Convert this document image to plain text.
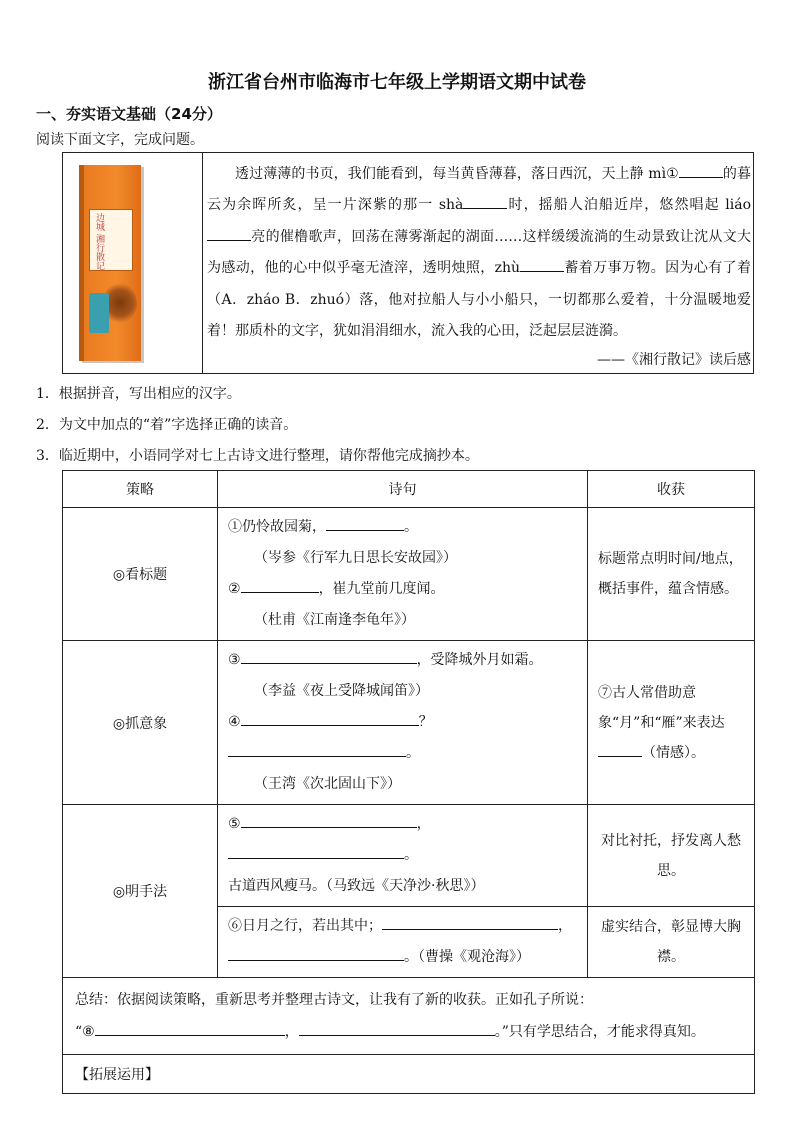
浙江省台州市临海市七年级上学期语文期中试卷
一、夯实语文基础（24分）
阅读下面文字，完成问题。
边城 湘行散记

透过薄薄的书页，我们能看到，每当黄昏薄暮，落日西沉，天上静 mì①	的暮云为余晖所炙，呈一片深紫的那一 shà	时，摇船人泊船近岸，悠然唱起 liáo亮的催橹歌声，回荡在薄雾渐起的湖面……这样缓缓流淌的生动景致让沈从文大为感动，他的心中似乎毫无渣滓，透明烛照，zhù	蓄着万事万物。因为心有了着（A．zháo B．zhuó）落，他对拉船人与小小船只，一切都那么爱着，十分温暖地爱着！那质朴的文字，犹如涓涓细水，流入我的心田，泛起层层涟漪。

——《湘行散记》读后感
1．根据拼音，写出相应的汉字。
2．为文中加点的“着”字选择正确的读音。
3．临近期中，小语同学对七上古诗文进行整理，请你帮他完成摘抄本。
策略	诗句	收获
◎看标题	①仍怜故园菊， 。
（岑参《行军九日思长安故园》）
② ，崔九堂前几度闻。
（杜甫《江南逢李龟年》）	标题常点明时间/地点，概括事件，蕴含情感。
◎抓意象	③ ，受降城外月如霜。
（李益《夜上受降城闻笛》）
④ ？
。
（王湾《次北固山下》）	⑦古人常借助意象“月”和“雁”来表达（情感）。
◎明手法	⑤ ，
。
古道西风瘦马。（马致远《天净沙·秋思》）	对比衬托，抒发离人愁思。

	⑥日月之行，若出其中； ，
。（曹操《观沧海》）	虚实结合，彰显博大胸襟。

总结：依据阅读策略，重新思考并整理古诗文，让我有了新的收获。正如孔子所说：
“⑧ ， 。”只有学思结合，才能求得真知。		

【拓展运用】		
